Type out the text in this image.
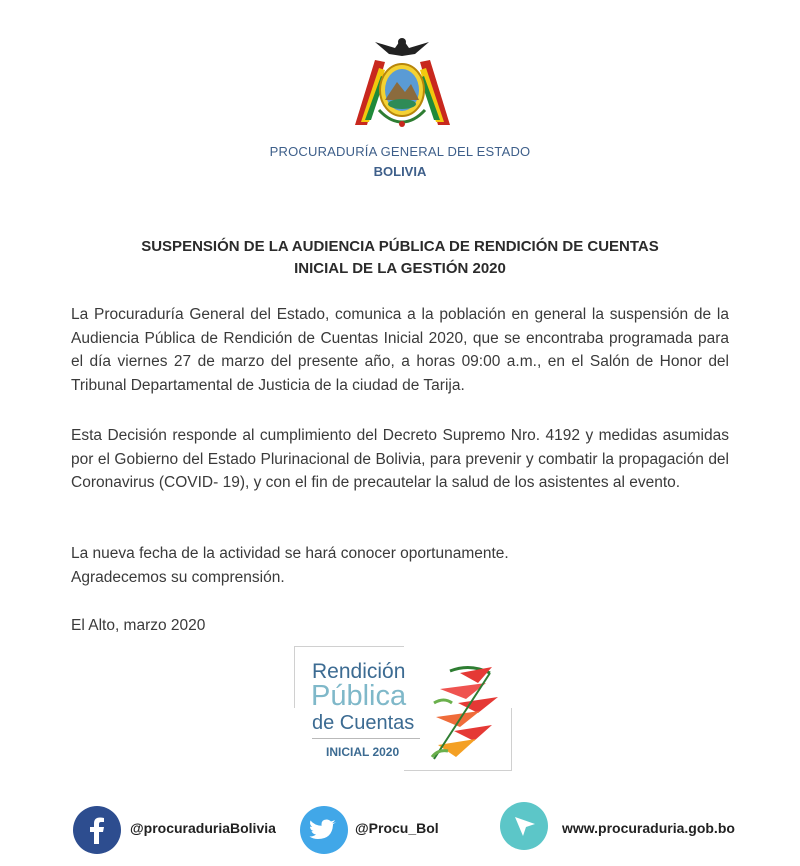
PROCURADURÍA GENERAL DEL ESTADO
BOLIVIA
SUSPENSIÓN DE LA AUDIENCIA PÚBLICA DE RENDICIÓN DE CUENTAS
INICIAL DE LA GESTIÓN 2020
La Procuraduría General del Estado, comunica a la población en general la suspensión de la Audiencia Pública de Rendición de Cuentas Inicial 2020, que se encontraba programada para el día viernes 27 de marzo del presente año, a horas 09:00 a.m., en el Salón de Honor del Tribunal Departamental de Justicia de la ciudad de Tarija.
Esta Decisión responde al cumplimiento del Decreto Supremo Nro. 4192 y medidas asumidas por el Gobierno del Estado Plurinacional de Bolivia, para prevenir y combatir la propagación del Coronavirus (COVID- 19), y con el fin de precautelar la salud de los asistentes al evento.
La nueva fecha de la actividad se hará conocer oportunamente.
Agradecemos su comprensión.
El Alto, marzo 2020
Rendición
Pública
de Cuentas
INICIAL 2020
@procuraduriaBolivia	@Procu_Bol	www.procuraduria.gob.bo
